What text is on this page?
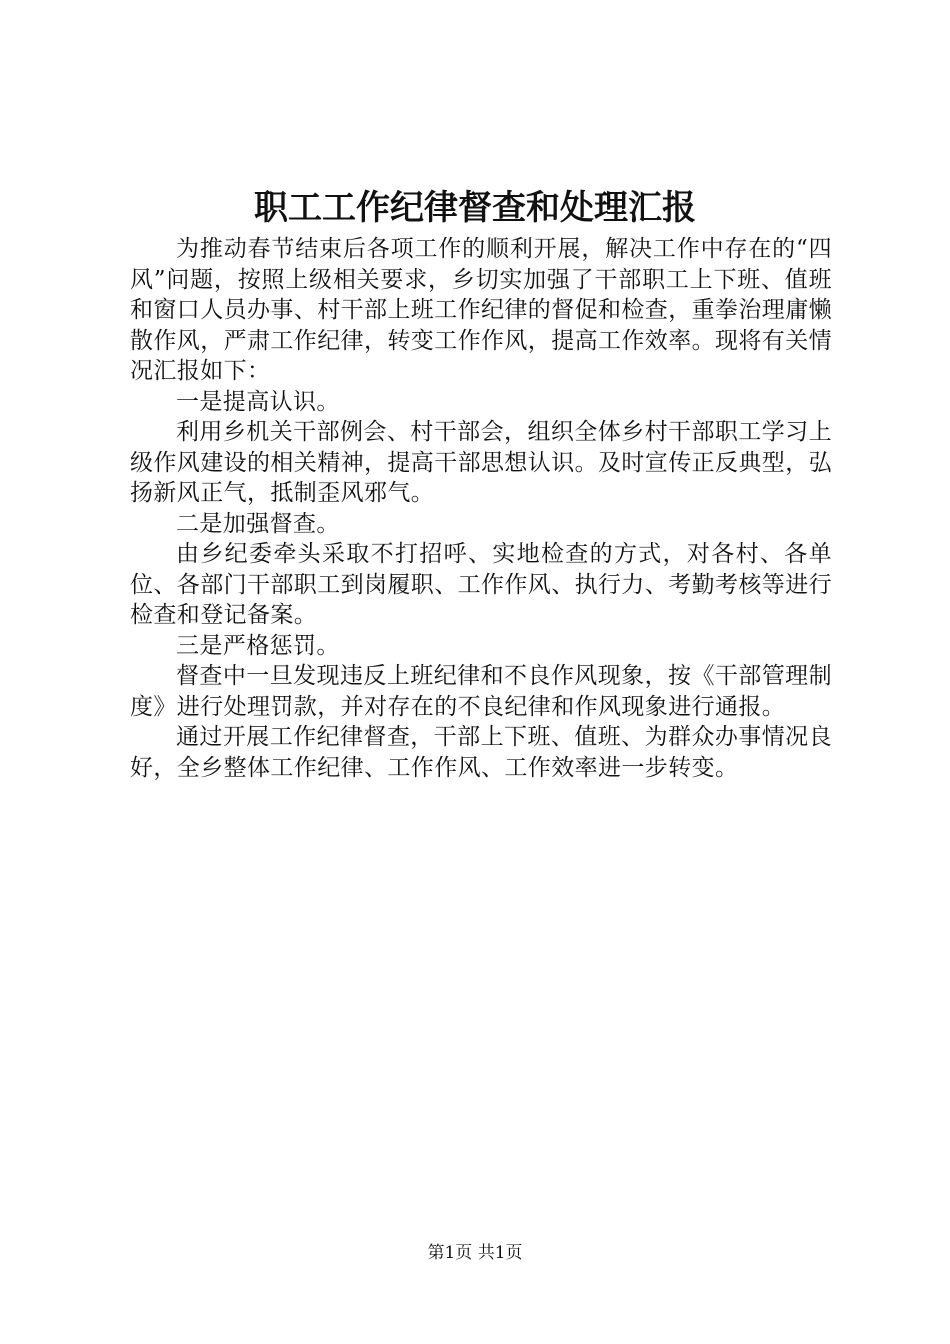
职工工作纪律督查和处理汇报

为推动春节结束后各项工作的顺利开展，解决工作中存在的“四风”问题，按照上级相关要求，乡切实加强了干部职工上下班、值班和窗口人员办事、村干部上班工作纪律的督促和检查，重拳治理庸懒散作风，严肃工作纪律，转变工作作风，提高工作效率。现将有关情况汇报如下：

一是提高认识。

利用乡机关干部例会、村干部会，组织全体乡村干部职工学习上级作风建设的相关精神，提高干部思想认识。及时宣传正反典型，弘扬新风正气，抵制歪风邪气。

二是加强督查。

由乡纪委牵头采取不打招呼、实地检查的方式，对各村、各单位、各部门干部职工到岗履职、工作作风、执行力、考勤考核等进行检查和登记备案。

三是严格惩罚。

督查中一旦发现违反上班纪律和不良作风现象，按《干部管理制度》进行处理罚款，并对存在的不良纪律和作风现象进行通报。

通过开展工作纪律督查，干部上下班、值班、为群众办事情况良好，全乡整体工作纪律、工作作风、工作效率进一步转变。

第1页 共1页
